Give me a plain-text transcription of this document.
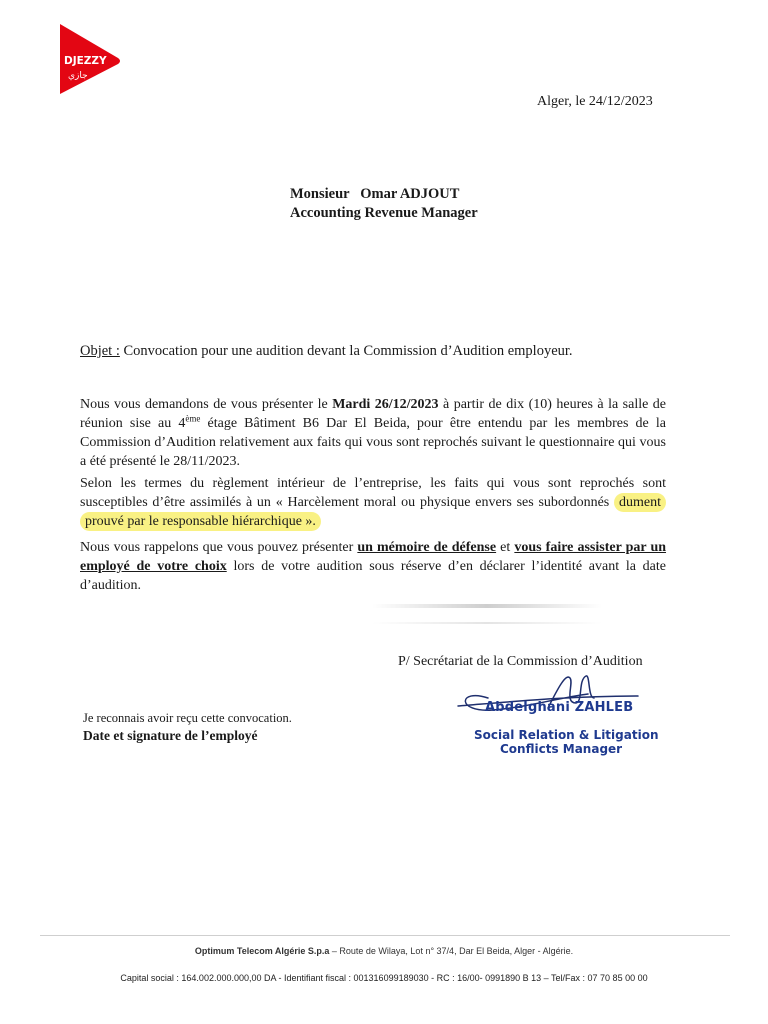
DJEZZY
جازي
Alger, le 24/12/2023
Monsieur   Omar ADJOUT
Accounting Revenue Manager
Objet : Convocation pour une audition devant la Commission d’Audition employeur.
Nous vous demandons de vous présenter le Mardi 26/12/2023 à partir de dix (10) heures à la salle de réunion sise au 4ème étage Bâtiment B6 Dar El Beida, pour être entendu par les membres de la Commission d’Audition relativement aux faits qui vous sont reprochés suivant le questionnaire qui vous a été présenté le 28/11/2023.
Selon les termes du règlement intérieur de l’entreprise, les faits qui vous sont reprochés sont susceptibles d’être assimilés à un « Harcèlement moral ou physique envers ses subordonnés dument prouvé par le responsable hiérarchique ».
Nous vous rappelons que vous pouvez présenter un mémoire de défense et vous faire assister par un employé de votre choix lors de votre audition sous réserve d’en déclarer l’identité avant la date d’audition.
P/ Secrétariat de la Commission d’Audition
Abdelghani ZAHLEB
Social Relation & Litigation
Conflicts Manager
Je reconnais avoir reçu cette convocation.
Date et signature de l’employé
Optimum Telecom Algérie S.p.a – Route de Wilaya, Lot n° 37/4, Dar El Beida, Alger - Algérie.
Capital social : 164.002.000.000,00 DA - Identifiant fiscal : 001316099189030 - RC : 16/00- 0991890 B 13 – Tel/Fax : 07 70 85 00 00
